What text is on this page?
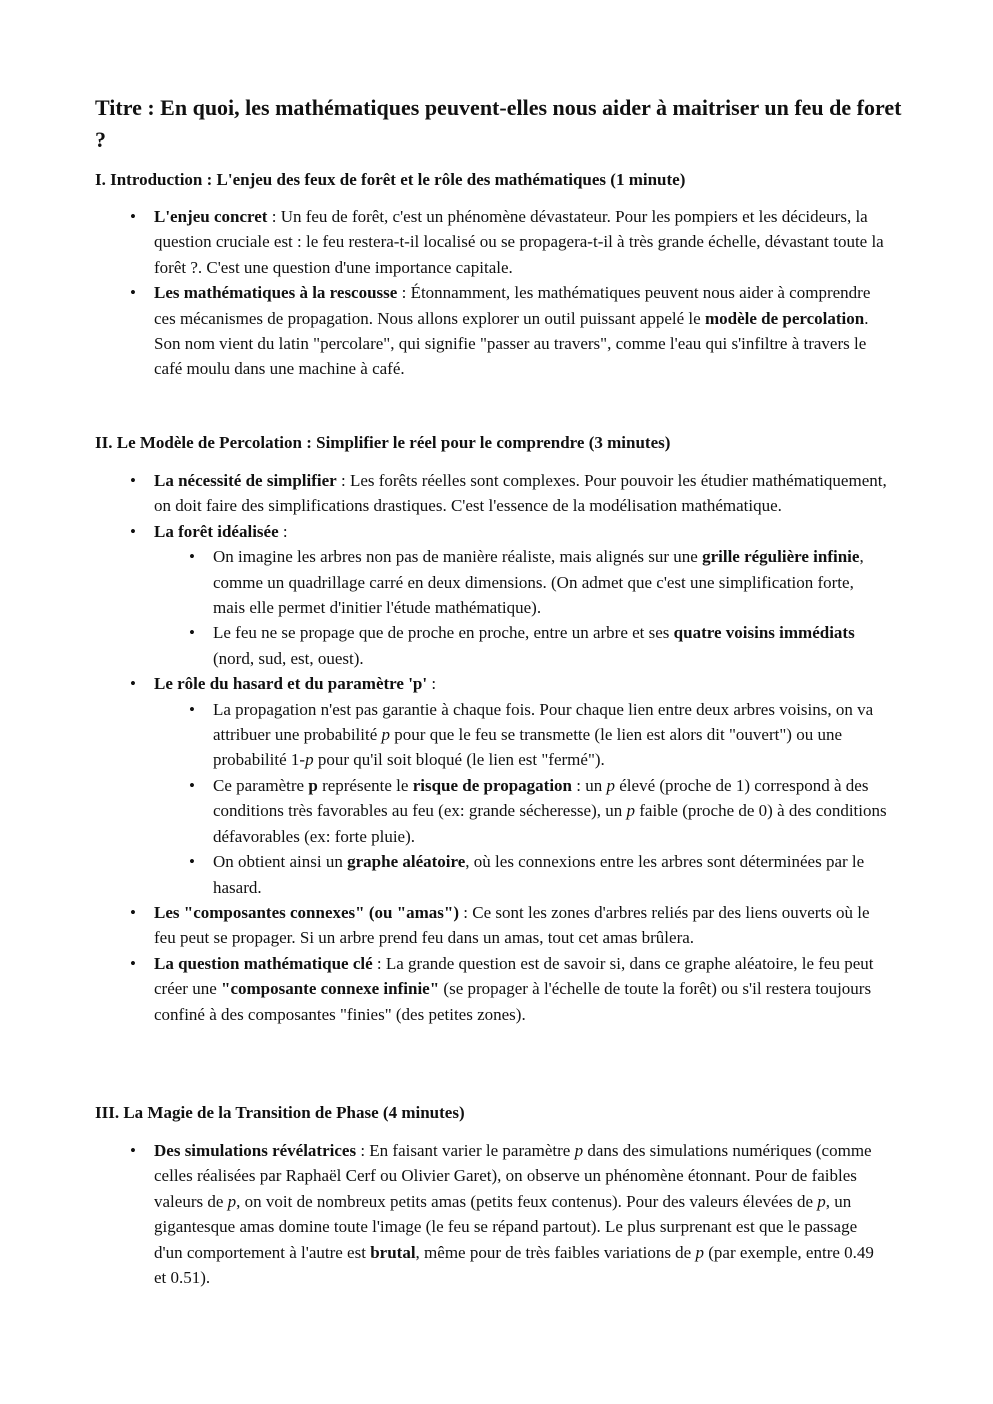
Titre : En quoi, les mathématiques peuvent-elles nous aider à maitriser un feu de foret ?
I. Introduction : L'enjeu des feux de forêt et le rôle des mathématiques (1 minute)
• L'enjeu concret : Un feu de forêt, c'est un phénomène dévastateur. Pour les pompiers et les décideurs, la question cruciale est : le feu restera-t-il localisé ou se propagera-t-il à très grande échelle, dévastant toute la forêt ?. C'est une question d'une importance capitale.
• Les mathématiques à la rescousse : Étonnamment, les mathématiques peuvent nous aider à comprendre ces mécanismes de propagation. Nous allons explorer un outil puissant appelé le modèle de percolation. Son nom vient du latin "percolare", qui signifie "passer au travers", comme l'eau qui s'infiltre à travers le café moulu dans une machine à café.
II. Le Modèle de Percolation : Simplifier le réel pour le comprendre (3 minutes)
• La nécessité de simplifier : Les forêts réelles sont complexes. Pour pouvoir les étudier mathématiquement, on doit faire des simplifications drastiques. C'est l'essence de la modélisation mathématique.
• La forêt idéalisée :
• On imagine les arbres non pas de manière réaliste, mais alignés sur une grille régulière infinie, comme un quadrillage carré en deux dimensions. (On admet que c'est une simplification forte, mais elle permet d'initier l'étude mathématique).
• Le feu ne se propage que de proche en proche, entre un arbre et ses quatre voisins immédiats (nord, sud, est, ouest).
• Le rôle du hasard et du paramètre 'p' :
• La propagation n'est pas garantie à chaque fois. Pour chaque lien entre deux arbres voisins, on va attribuer une probabilité p pour que le feu se transmette (le lien est alors dit "ouvert") ou une probabilité 1-p pour qu'il soit bloqué (le lien est "fermé").
• Ce paramètre p représente le risque de propagation : un p élevé (proche de 1) correspond à des conditions très favorables au feu (ex: grande sécheresse), un p faible (proche de 0) à des conditions défavorables (ex: forte pluie).
• On obtient ainsi un graphe aléatoire, où les connexions entre les arbres sont déterminées par le hasard.
• Les "composantes connexes" (ou "amas") : Ce sont les zones d'arbres reliés par des liens ouverts où le feu peut se propager. Si un arbre prend feu dans un amas, tout cet amas brûlera.
• La question mathématique clé : La grande question est de savoir si, dans ce graphe aléatoire, le feu peut créer une "composante connexe infinie" (se propager à l'échelle de toute la forêt) ou s'il restera toujours confiné à des composantes "finies" (des petites zones).
III. La Magie de la Transition de Phase (4 minutes)
• Des simulations révélatrices : En faisant varier le paramètre p dans des simulations numériques (comme celles réalisées par Raphaël Cerf ou Olivier Garet), on observe un phénomène étonnant. Pour de faibles valeurs de p, on voit de nombreux petits amas (petits feux contenus). Pour des valeurs élevées de p, un gigantesque amas domine toute l'image (le feu se répand partout). Le plus surprenant est que le passage d'un comportement à l'autre est brutal, même pour de très faibles variations de p (par exemple, entre 0.49 et 0.51).
